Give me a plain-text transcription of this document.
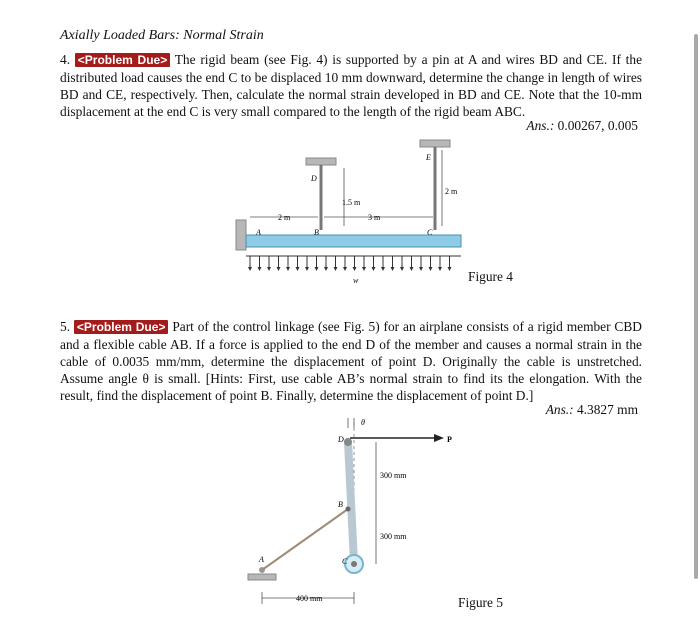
Axially Loaded Bars: Normal Strain
4. <Problem Due> The rigid beam (see Fig. 4) is supported by a pin at A and wires BD and CE. If the distributed load causes the end C to be displaced 10 mm downward, determine the change in length of wires BD and CE, respectively. Then, calculate the normal strain developed in BD and CE. Note that the 10-mm displacement at the end C is very small compared to the length of the rigid beam ABC.
Ans.: 0.00267, 0.005
A	B	C
D
E
2 m	3 m
1.5 m
2 m
w	Figure 4
5. <Problem Due> Part of the control linkage (see Fig. 5) for an airplane consists of a rigid member CBD and a flexible cable AB. If a force is applied to the end D of the member and causes a normal strain in the cable of 0.0035 mm/mm, determine the displacement of point D. Originally the cable is unstretched. Assume angle θ is small. [Hints: First, use cable AB’s normal strain to find its the elongation. With the result, find the displacement of point B. Finally, determine the displacement of point D.]
Ans.: 4.3827 mm
A
B
C
D
θ
P
300 mm
300 mm
400 mm	Figure 5
